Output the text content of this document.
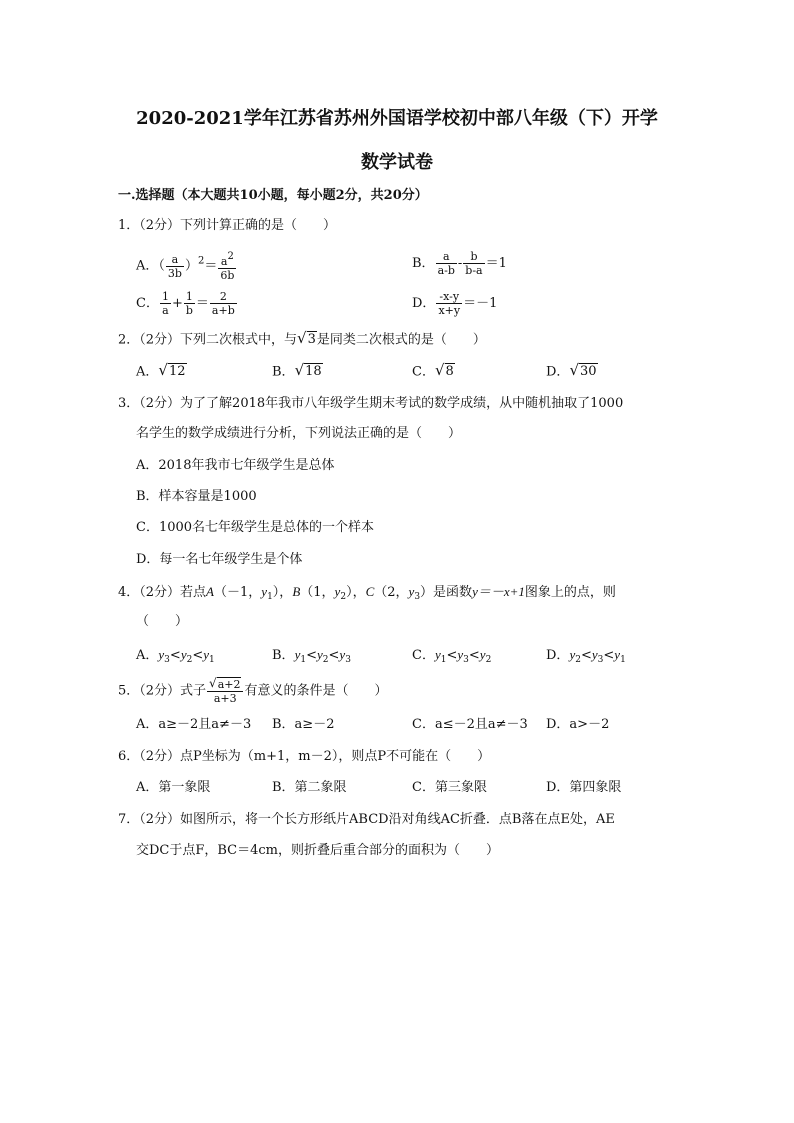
2020-2021学年江苏省苏州外国语学校初中部八年级（下）开学
数学试卷
一.选择题（本大题共10小题，每小题2分，共20分）
1．（2分）下列计算正确的是（　　）
A．（ $\frac{a}{3b} )^2= \frac{a2}{6b}$	B． $\frac{a}{a-b} - \frac{b}{b-a} =1$
C． $\frac{1}{a} + \frac{1}{b} = \frac{2}{a+b}$	D． $\frac{-x-y}{x+y} =-1$
2．（2分）下列二次根式中，与√3是同类二次根式的是（　　）
A．√12	B．√18	C．√8	D．√30
3．（2分）为了了解2018年我市八年级学生期末考试的数学成绩，从中随机抽取了1000
名学生的数学成绩进行分析，下列说法正确的是（　　）
A．2018年我市七年级学生是总体
B．样本容量是1000
C．1000名七年级学生是总体的一个样本
D．每一名七年级学生是个体
4．（2分）若点A（－1，$y_1$），B（1，$y_2$），C（2，$y_3$）是函数y＝－x+1图象上的点，则
（　　）
A．$y_3<y_2<y_1$	B．$y_1<y_2<y_3$	C．$y_1<y_3<y_2$	D．$y_2<y_3<y_1$
5．（2分）式子 $\frac{√a+2}{a+3}$ 有意义的条件是（　　）
A．a≥－2且a≠－3 B．a≥－2	C．a≤－2且a≠－3 D．a>－2
6．（2分）点P坐标为（m+1，m－2），则点P不可能在（　　）
A．第一象限	B．第二象限	C．第三象限	D．第四象限
7．（2分）如图所示，将一个长方形纸片ABCD沿对角线AC折叠．点B落在点E处，AE
交DC于点F，BC＝4cm，则折叠后重合部分的面积为（　　）
